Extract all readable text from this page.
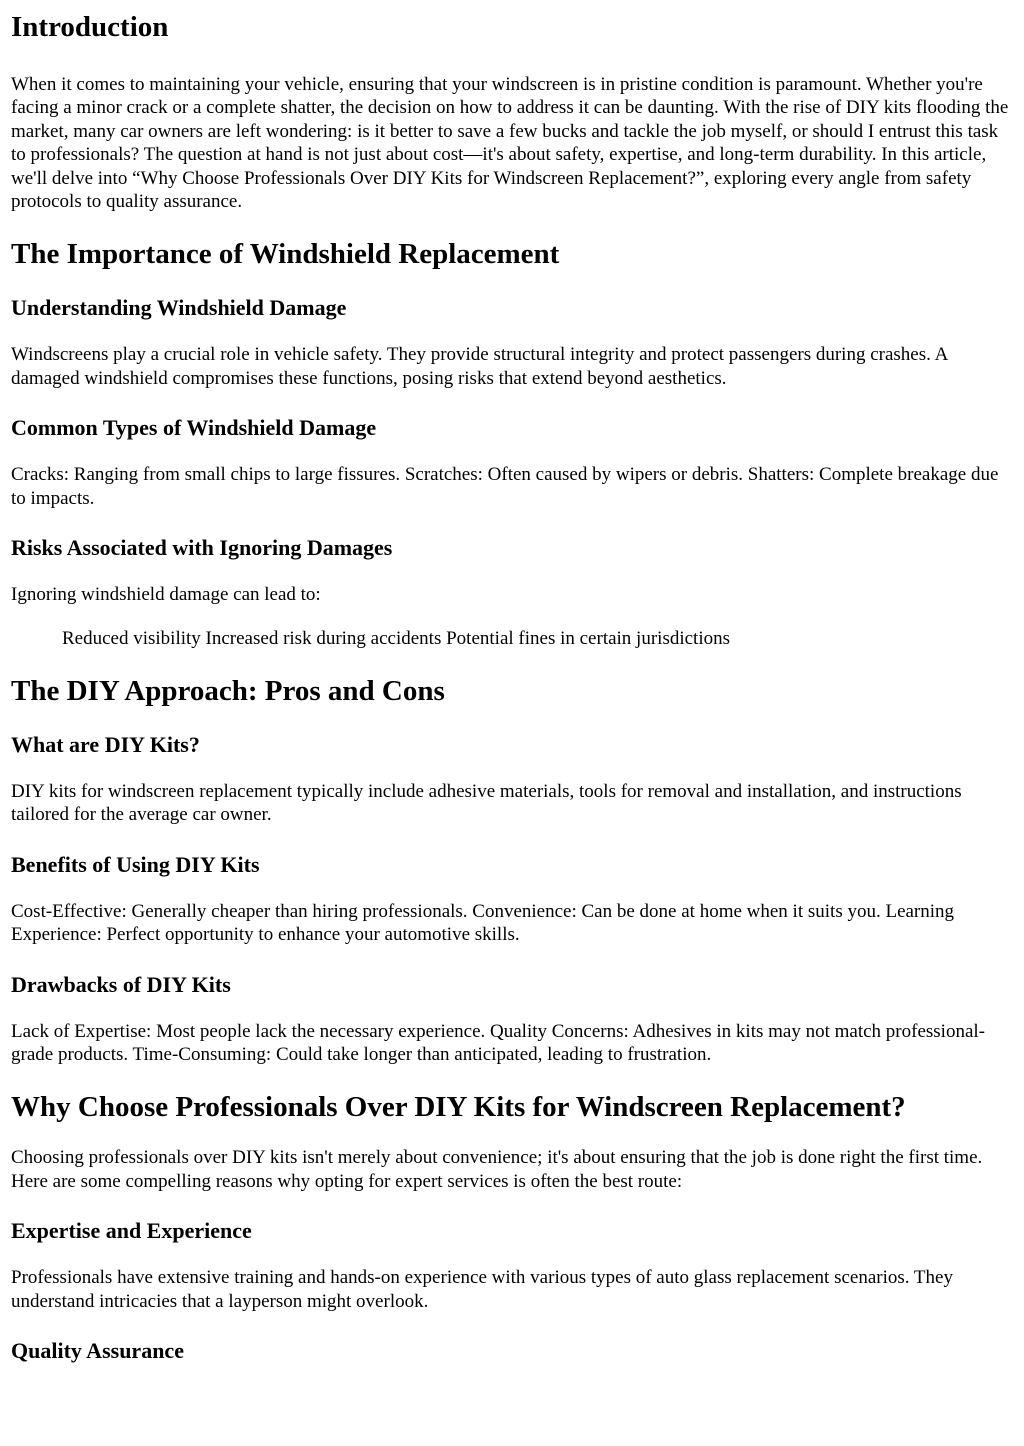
Introduction

When it comes to maintaining your vehicle, ensuring that your windscreen is in pristine condition is paramount. Whether you're facing a minor crack or a complete shatter, the decision on how to address it can be daunting. With the rise of DIY kits flooding the market, many car owners are left wondering: is it better to save a few bucks and tackle the job myself, or should I entrust this task to professionals? The question at hand is not just about cost—it's about safety, expertise, and long-term durability. In this article, we'll delve into “Why Choose Professionals Over DIY Kits for Windscreen Replacement?”, exploring every angle from safety protocols to quality assurance.

The Importance of Windshield Replacement
Understanding Windshield Damage

Windscreens play a crucial role in vehicle safety. They provide structural integrity and protect passengers during crashes. A damaged windshield compromises these functions, posing risks that extend beyond aesthetics.

Common Types of Windshield Damage

Cracks: Ranging from small chips to large fissures. Scratches: Often caused by wipers or debris. Shatters: Complete breakage due to impacts.

Risks Associated with Ignoring Damages

Ignoring windshield damage can lead to:

Reduced visibility Increased risk during accidents Potential fines in certain jurisdictions
The DIY Approach: Pros and Cons
What are DIY Kits?

DIY kits for windscreen replacement typically include adhesive materials, tools for removal and installation, and instructions tailored for the average car owner.

Benefits of Using DIY Kits

Cost-Effective: Generally cheaper than hiring professionals. Convenience: Can be done at home when it suits you. Learning Experience: Perfect opportunity to enhance your automotive skills.

Drawbacks of DIY Kits

Lack of Expertise: Most people lack the necessary experience. Quality Concerns: Adhesives in kits may not match professional-grade products. Time-Consuming: Could take longer than anticipated, leading to frustration.

Why Choose Professionals Over DIY Kits for Windscreen Replacement?

Choosing professionals over DIY kits isn't merely about convenience; it's about ensuring that the job is done right the first time. Here are some compelling reasons why opting for expert services is often the best route:

Expertise and Experience

Professionals have extensive training and hands-on experience with various types of auto glass replacement scenarios. They understand intricacies that a layperson might overlook.

Quality Assurance
